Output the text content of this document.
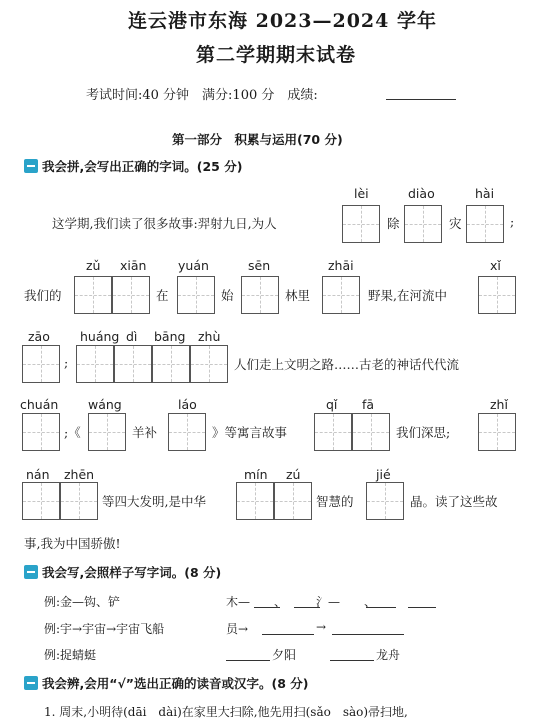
连云港市东海 2023—2024 学年
第二学期期末试卷
考试时间:40 分钟　满分:100 分　成绩:
第一部分　积累与运用(70 分)
我会拼,会写出正确的字词。(25 分)
lèi	diào	hài
这学期,我们读了很多故事:羿射九日,为人	除	灾	;
zǔ xiān	yuán	sēn	zhāi	xǐ
我们的	在	始	林里	野果,在河流中
zāo huáng dì bāng zhù
;	人们走上文明之路……古老的神话代代流
chuán wáng	láo	qǐ fā	zhǐ
;《	羊补	》等寓言故事	我们深思;
nán zhēn	mín zú	jié
等四大发明,是中华	智慧的	晶。读了这些故
事,我为中国骄傲!
我会写,会照样子写字词。(8 分)
例:金—钩、铲	木—　　、　　　氵—　　、
例:宇→宇宙→宇宙飞船	员→	→
例:捉蜻蜓	夕阳	龙舟
我会辨,会用“√”选出正确的读音或汉字。(8 分)
1. 周末,小明待(dāi　dài)在家里大扫除,他先用扫(sǎo　sào)帚扫地,
